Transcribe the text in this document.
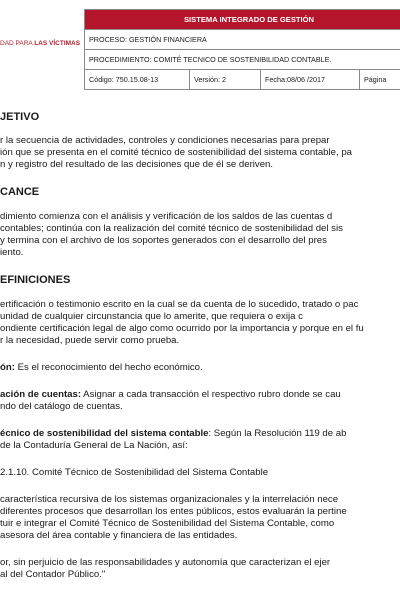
DAD PARA LAS VÍCTIMAS
SISTEMA INTEGRADO DE GESTIÓN
PROCESO: GESTIÓN FINANCIERA
PROCEDIMIENTO: COMITÉ TECNICO DE SOSTENIBILIDAD CONTABLE.
Código: 750.15.08-13	Versión: 2	Fecha:08/06 /2017	Página
JETIVO
r la secuencia de actividades, controles y condiciones necesarias para prepar
ión que se presenta en el comité técnico de sostenibilidad del sistema contable, pa
n y registro del resultado de las decisiones que de él se deriven.
CANCE
dimiento comienza con el análisis y verificación de los saldos de las cuentas d
contables; continúa con la realización del comité técnico de sostenibilidad del sis
y termina con el archivo de los soportes generados con el desarrollo del pres
iento.
EFINICIONES
ertificación o testimonio escrito en la cual se da cuenta de lo sucedido, tratado o pac
unidad de cualquier circunstancia que lo amerite, que requiera o exija c
ondiente certificación legal de algo como ocurrido por la importancia y porque en el fu
r la necesidad, puede servir como prueba.
ón: Es el reconocimiento del hecho económico.
ación de cuentas: Asignar a cada transacción el respectivo rubro donde se cau
ndo del catálogo de cuentas.
écnico de sostenibilidad del sistema contable: Según la Resolución 119 de ab
de la Contaduría General de La Nación, así:
2.1.10. Comité Técnico de Sostenibilidad del Sistema Contable
característica recursiva de los sistemas organizacionales y la interrelación nece
diferentes procesos que desarrollan los entes públicos, estos evaluarán la pertine
tuir e integrar el Comité Técnico de Sostenibilidad del Sistema Contable, como
asesora del área contable y financiera de las entidades.
or, sin perjuicio de las responsabilidades y autonomía que caracterizan el ejer
al del Contador Público."
